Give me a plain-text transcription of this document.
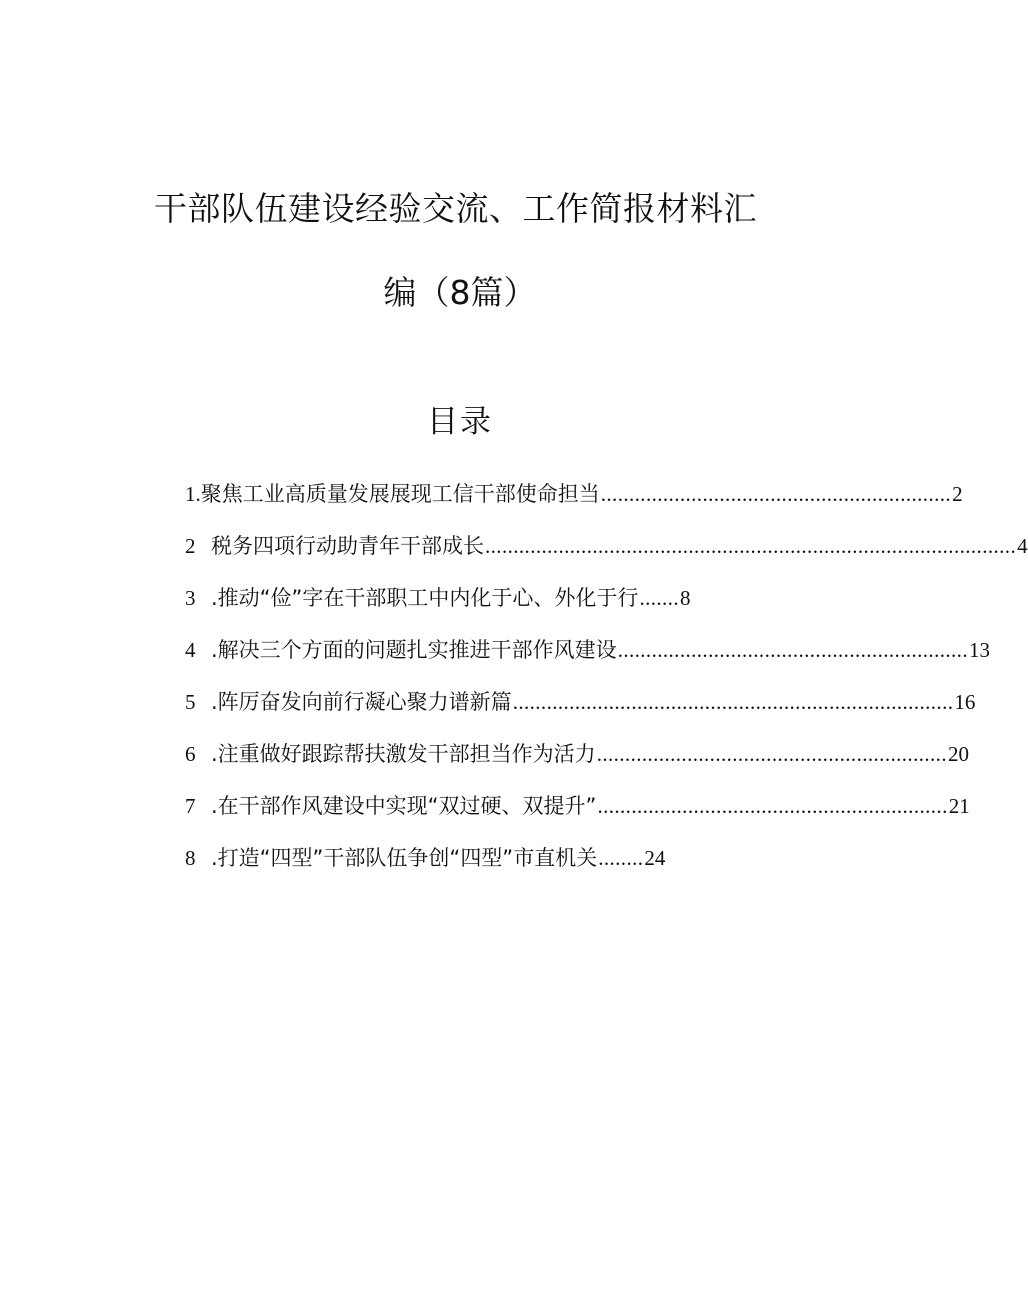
干部队伍建设经验交流、工作简报材料汇
编（8篇）
目录
1. 聚焦工业高质量发展展现工信干部使命担当 .............................................................. 2
2 税务四项行动助青年干部成长 .............................................................................................. 4
3 .推动“俭”字在干部职工中内化于心、外化于行 ....... 8
4 .解决三个方面的问题扎实推进干部作风建设 .............................................................. 13
5 .阵厉奋发向前行凝心聚力谱新篇 .............................................................................. 16
6 .注重做好跟踪帮扶激发干部担当作为活力 .............................................................. 20
7 .在干部作风建设中实现“双过硬、双提升” .............................................................. 21
8 .打造“四型”干部队伍争创“四型”市直机关 ........ 24
